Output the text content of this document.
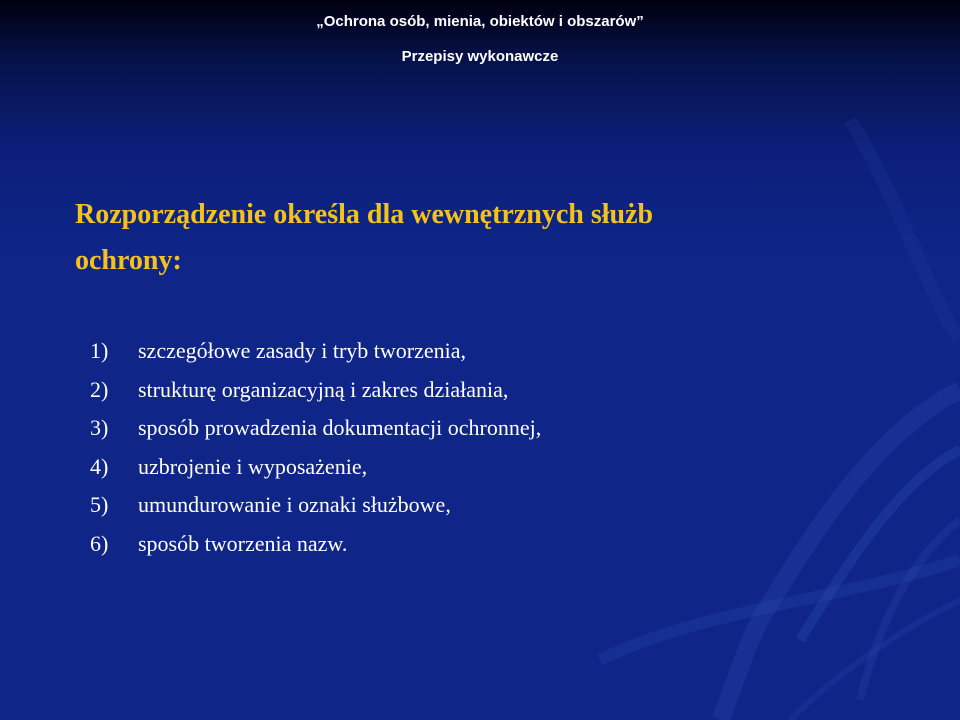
„Ochrona osób, mienia, obiektów i obszarów”
Przepisy wykonawcze
Rozporządzenie określa dla wewnętrznych służb
ochrony:
1) szczegółowe zasady i tryb tworzenia,
2) strukturę organizacyjną i zakres działania,
3) sposób prowadzenia dokumentacji ochronnej,
4) uzbrojenie i wyposażenie,
5) umundurowanie i oznaki służbowe,
6) sposób tworzenia nazw.
